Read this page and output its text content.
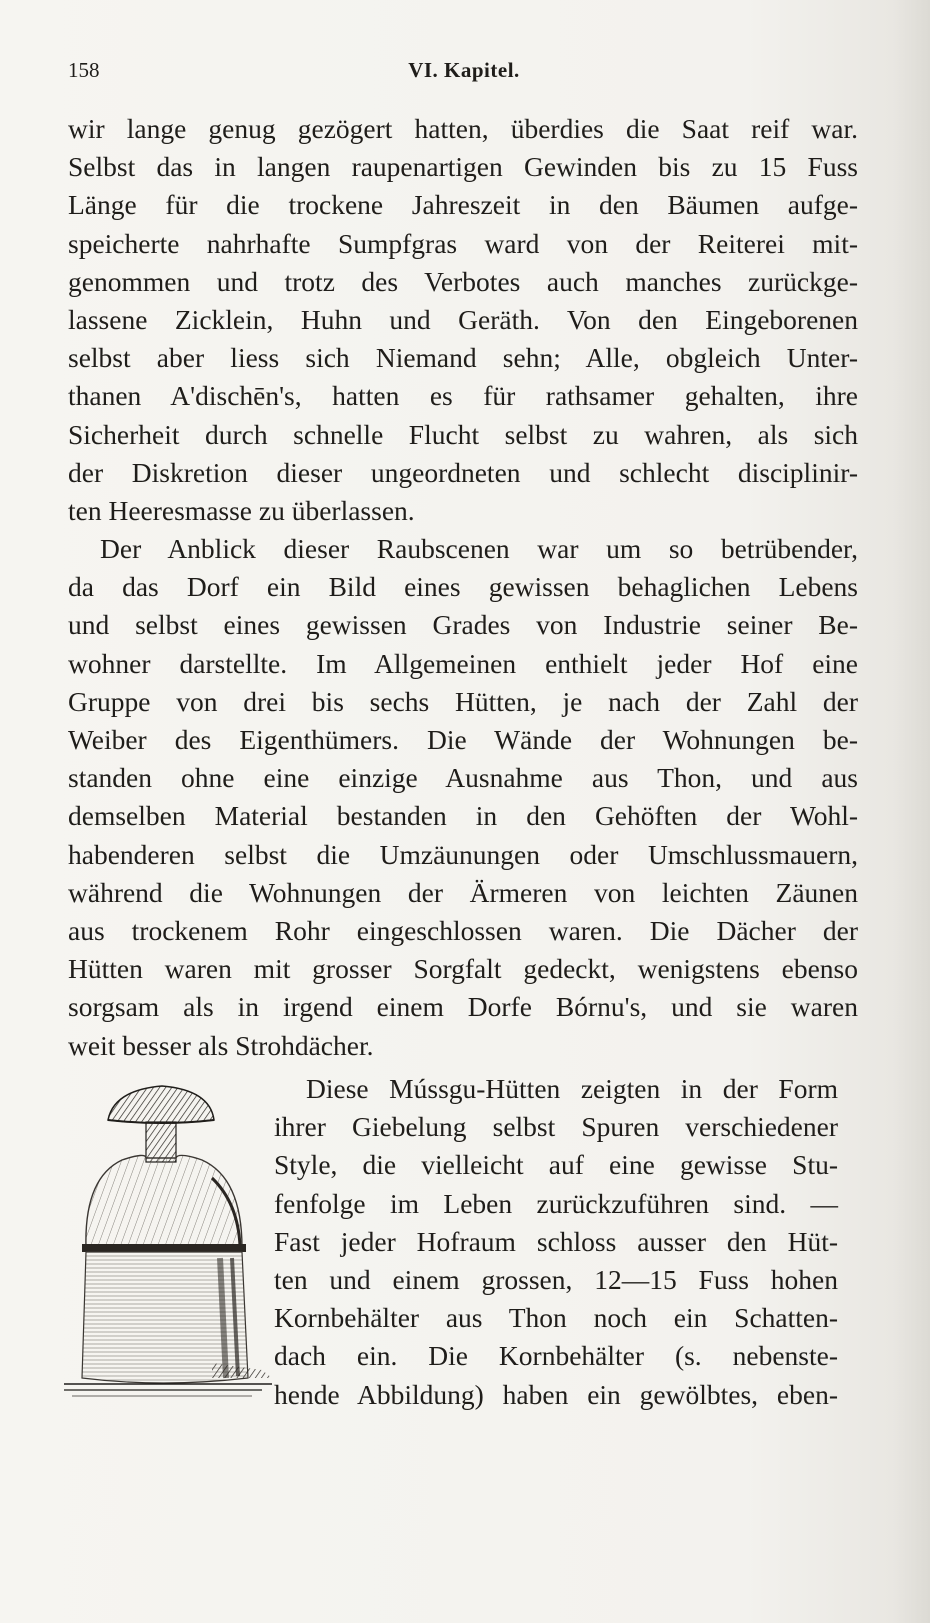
158	VI. Kapitel.
wir lange genug gezögert hatten, überdies die Saat reif war.
Selbst das in langen raupenartigen Gewinden bis zu 15 Fuss
Länge für die trockene Jahreszeit in den Bäumen aufge-
speicherte nahrhafte Sumpfgras ward von der Reiterei mit-
genommen und trotz des Verbotes auch manches zurückge-
lassene Zicklein, Huhn und Geräth. Von den Eingeborenen
selbst aber liess sich Niemand sehn; Alle, obgleich Unter-
thanen A'dischēn's, hatten es für rathsamer gehalten, ihre
Sicherheit durch schnelle Flucht selbst zu wahren, als sich
der Diskretion dieser ungeordneten und schlecht disciplinir-
ten Heeresmasse zu überlassen.
Der Anblick dieser Raubscenen war um so betrübender,
da das Dorf ein Bild eines gewissen behaglichen Lebens
und selbst eines gewissen Grades von Industrie seiner Be-
wohner darstellte. Im Allgemeinen enthielt jeder Hof eine
Gruppe von drei bis sechs Hütten, je nach der Zahl der
Weiber des Eigenthümers. Die Wände der Wohnungen be-
standen ohne eine einzige Ausnahme aus Thon, und aus
demselben Material bestanden in den Gehöften der Wohl-
habenderen selbst die Umzäunungen oder Umschlussmauern,
während die Wohnungen der Ärmeren von leichten Zäunen
aus trockenem Rohr eingeschlossen waren. Die Dächer der
Hütten waren mit grosser Sorgfalt gedeckt, wenigstens ebenso
sorgsam als in irgend einem Dorfe Bórnu's, und sie waren
weit besser als Strohdächer.
Diese Mússgu-Hütten zeigten in der Form
ihrer Giebelung selbst Spuren verschiedener
Style, die vielleicht auf eine gewisse Stu-
fenfolge im Leben zurückzuführen sind. —
Fast jeder Hofraum schloss ausser den Hüt-
ten und einem grossen, 12—15 Fuss hohen
Kornbehälter aus Thon noch ein Schatten-
dach ein. Die Kornbehälter (s. nebenste-
hende Abbildung) haben ein gewölbtes, eben-
